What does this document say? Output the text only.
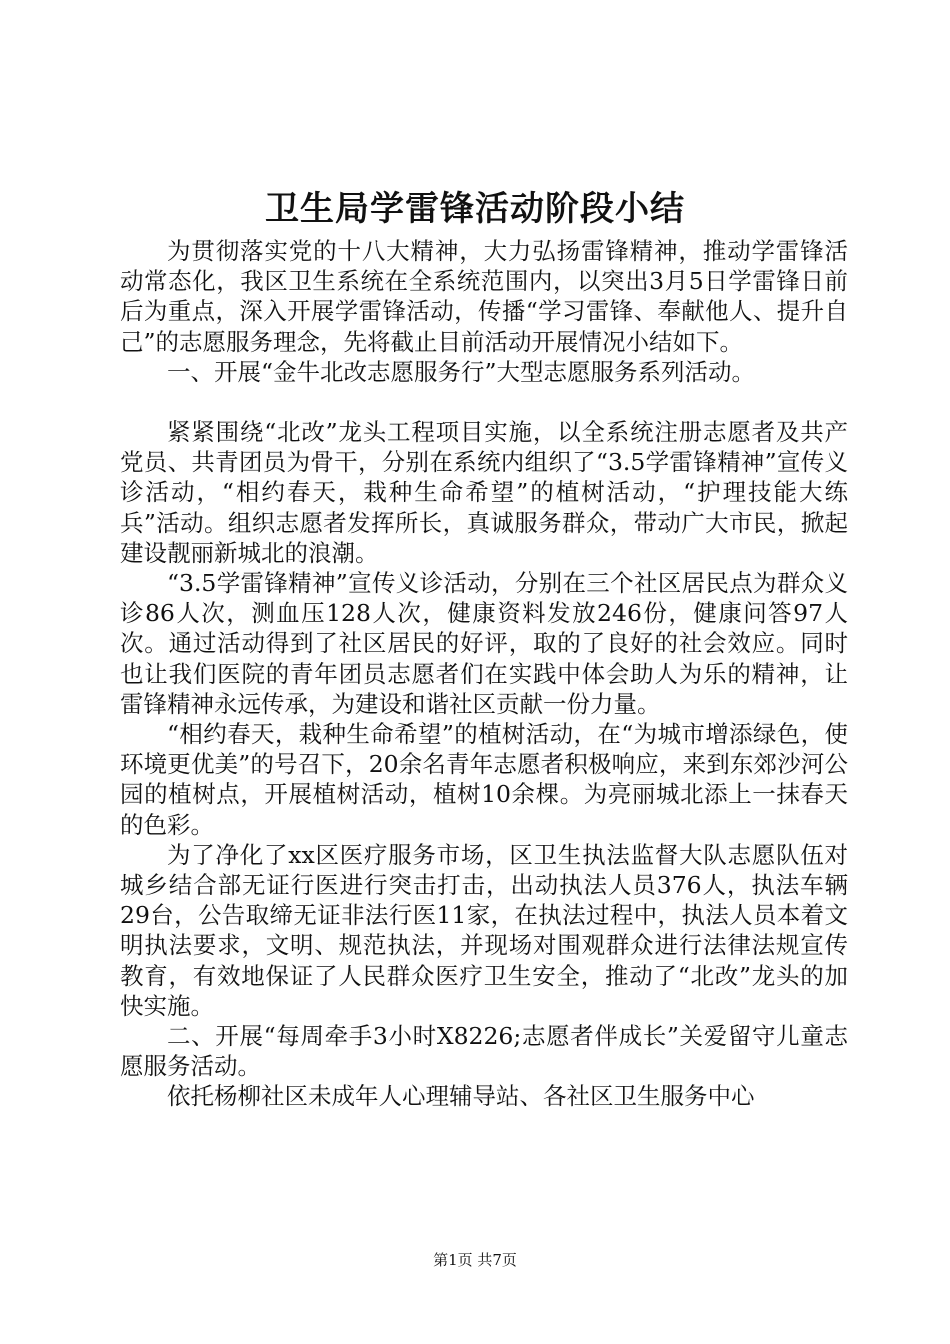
卫生局学雷锋活动阶段小结

为贯彻落实党的十八大精神，大力弘扬雷锋精神，推动学雷锋活动常态化，我区卫生系统在全系统范围内，以突出3月5日学雷锋日前后为重点，深入开展学雷锋活动，传播“学习雷锋、奉献他人、提升自己”的志愿服务理念，先将截止目前活动开展情况小结如下。

一、开展“金牛北改志愿服务行”大型志愿服务系列活动。

紧紧围绕“北改”龙头工程项目实施，以全系统注册志愿者及共产党员、共青团员为骨干，分别在系统内组织了“3.5学雷锋精神”宣传义诊活动，“相约春天，栽种生命希望”的植树活动，“护理技能大练兵”活动。组织志愿者发挥所长，真诚服务群众，带动广大市民，掀起建设靓丽新城北的浪潮。

“3.5学雷锋精神”宣传义诊活动，分别在三个社区居民点为群众义诊86人次，测血压128人次，健康资料发放246份，健康问答97人次。通过活动得到了社区居民的好评，取的了良好的社会效应。同时也让我们医院的青年团员志愿者们在实践中体会助人为乐的精神，让雷锋精神永远传承，为建设和谐社区贡献一份力量。

“相约春天，栽种生命希望”的植树活动，在“为城市增添绿色，使环境更优美”的号召下，20余名青年志愿者积极响应，来到东郊沙河公园的植树点，开展植树活动，植树10余棵。为亮丽城北添上一抹春天的色彩。

为了净化了xx区医疗服务市场，区卫生执法监督大队志愿队伍对城乡结合部无证行医进行突击打击，出动执法人员376人，执法车辆29台，公告取缔无证非法行医11家，在执法过程中，执法人员本着文明执法要求，文明、规范执法，并现场对围观群众进行法律法规宣传教育，有效地保证了人民群众医疗卫生安全，推动了“北改”龙头的加快实施。

二、开展“每周牵手3小时X8226;志愿者伴成长”关爱留守儿童志愿服务活动。

依托杨柳社区未成年人心理辅导站、各社区卫生服务中心

第1页 共7页
